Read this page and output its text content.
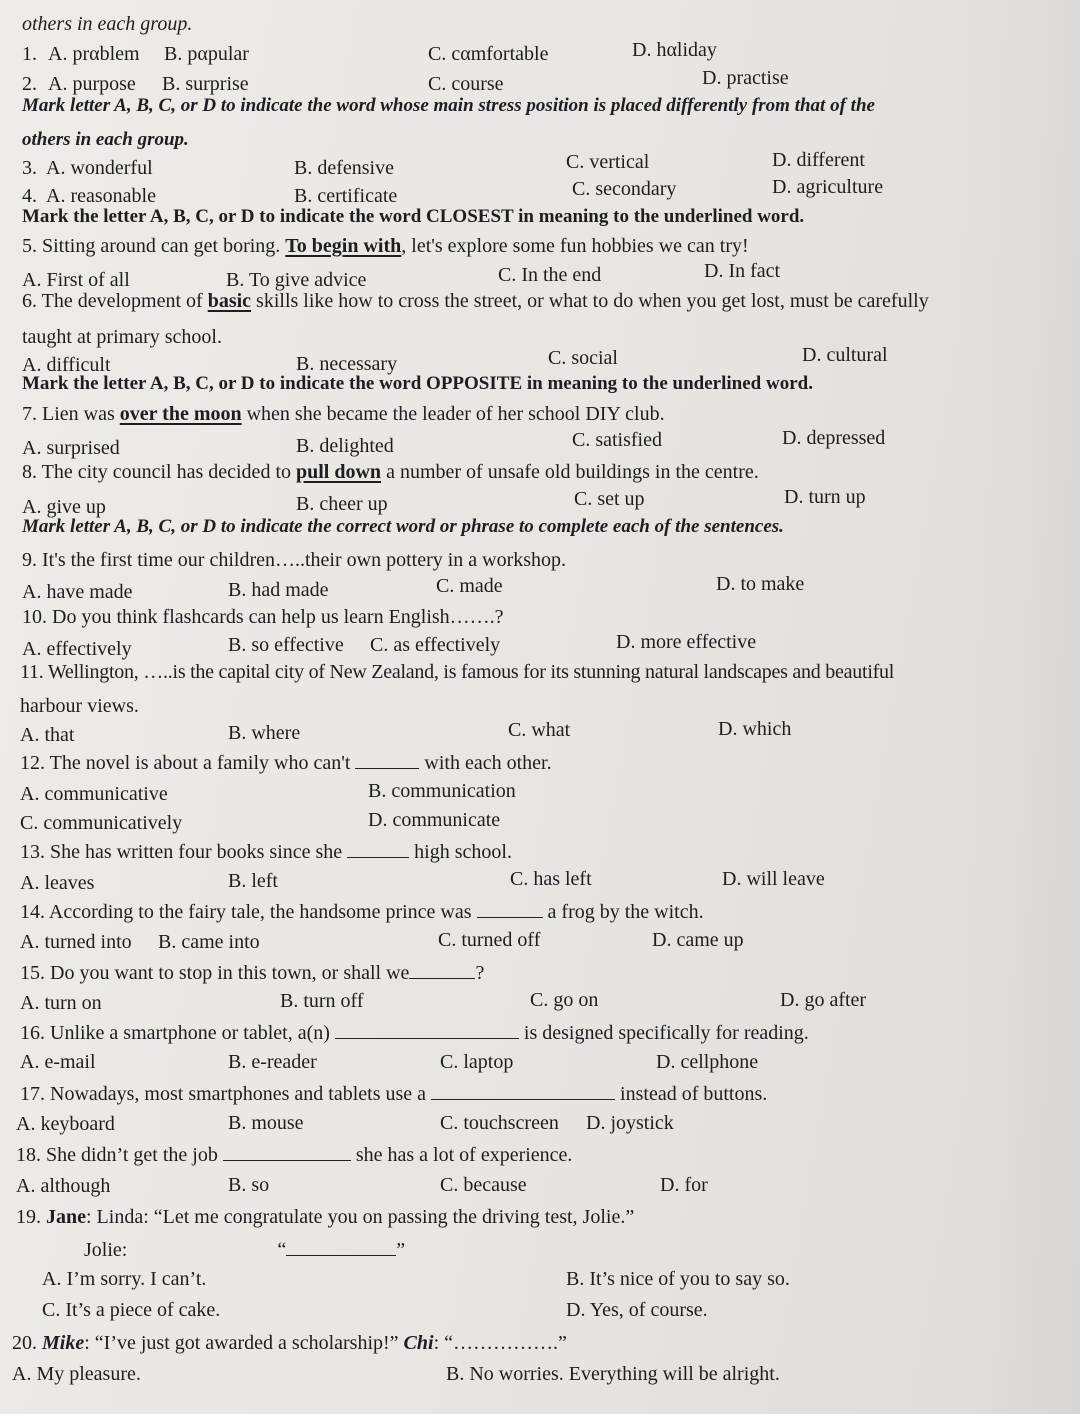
others in each group.
1. A. prαblem B. pαpular	C. cαmfortable	D. hαliday
2. A. purpose B. surprise	C. course	D. practise
Mark letter A, B, C, or D to indicate the word whose main stress position is placed differently from that of the
others in each group.
3. A. wonderful	B. defensive	C. vertical	D. different
4. A. reasonable	B. certificate	C. secondary	D. agriculture
Mark the letter A, B, C, or D to indicate the word CLOSEST in meaning to the underlined word.
5. Sitting around can get boring. To begin with, let's explore some fun hobbies we can try!
A. First of all	B. To give advice	C. In the end	D. In fact
6. The development of basic skills like how to cross the street, or what to do when you get lost, must be carefully
taught at primary school.
A. difficult	B. necessary	C. social	D. cultural
Mark the letter A, B, C, or D to indicate the word OPPOSITE in meaning to the underlined word.
7. Lien was over the moon when she became the leader of her school DIY club.
A. surprised	B. delighted	C. satisfied	D. depressed
8. The city council has decided to pull down a number of unsafe old buildings in the centre.
A. give up	B. cheer up	C. set up	D. turn up
Mark letter A, B, C, or D to indicate the correct word or phrase to complete each of the sentences.
9. It's the first time our children…..their own pottery in a workshop.
A. have made	B. had made	C. made	D. to make
10. Do you think flashcards can help us learn English…….?
A. effectively	B. so effective C. as effectively	D. more effective
11. Wellington, …..is the capital city of New Zealand, is famous for its stunning natural landscapes and beautiful
harbour views.
A. that	B. where	C. what	D. which
12. The novel is about a family who can't	with each other.
A. communicative	B. communication
C. communicatively	D. communicate
13. She has written four books since she	high school.
A. leaves	B. left	C. has left	D. will leave
14. According to the fairy tale, the handsome prince was	a frog by the witch.
A. turned into B. came into	C. turned off	D. came up
15. Do you want to stop in this town, or shall we	?
A. turn on	B. turn off	C. go on	D. go after
16. Unlike a smartphone or tablet, a(n)	is designed specifically for reading.
A. e-mail	B. e-reader	C. laptop	D. cellphone
17. Nowadays, most smartphones and tablets use a	instead of buttons.
A. keyboard	B. mouse	C. touchscreen D. joystick
18. She didn’t get the job	she has a lot of experience.
A. although	B. so	C. because	D. for
19. Jane: Linda: “Let me congratulate you on passing the driving test, Jolie.”
Jolie:	“	”
A. I’m sorry. I can’t.	B. It’s nice of you to say so.
C. It’s a piece of cake.	D. Yes, of course.
20. Mike: “I’ve just got awarded a scholarship!” Chi: “…………….”
A. My pleasure.	B. No worries. Everything will be alright.
